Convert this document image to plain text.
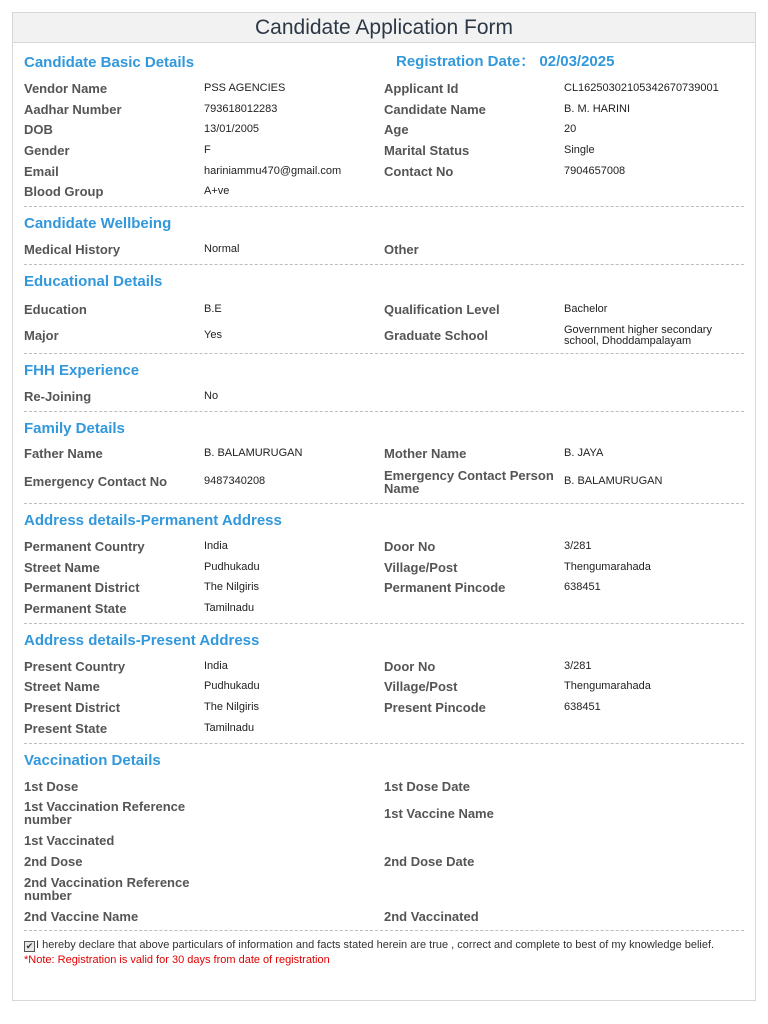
Candidate Application Form
Candidate Basic Details	Registration Date： 02/03/2025
Vendor Name	PSS AGENCIES	Applicant Id	CL16250302105342670739001
Aadhar Number	793618012283	Candidate Name	B. M. HARINI
DOB	13/01/2005	Age	20
Gender	F	Marital Status	Single
Email	hariniammu470@gmail.com	Contact No	7904657008
Blood Group	A+ve
Candidate Wellbeing
Medical History	Normal	Other
Educational Details
Education	B.E	Qualification Level	Bachelor
Major	Yes	Graduate School	Government higher secondary school, Dhoddampalayam
FHH Experience
Re-Joining	No
Family Details
Father Name	B. BALAMURUGAN	Mother Name	B. JAYA
Emergency Contact No	9487340208	Emergency Contact Person Name	B. BALAMURUGAN
Address details-Permanent Address
Permanent Country	India	Door No	3/281
Street Name	Pudhukadu	Village/Post	Thengumarahada
Permanent District	The Nilgiris	Permanent Pincode	638451
Permanent State	Tamilnadu
Address details-Present Address
Present Country	India	Door No	3/281
Street Name	Pudhukadu	Village/Post	Thengumarahada
Present District	The Nilgiris	Present Pincode	638451
Present State	Tamilnadu
Vaccination Details
1st Dose	1st Dose Date
1st Vaccination Reference number	1st Vaccine Name
1st Vaccinated
2nd Dose	2nd Dose Date
2nd Vaccination Reference number
2nd Vaccine Name	2nd Vaccinated
✔ I hereby declare that above particulars of information and facts stated herein are true , correct and complete to best of my knowledge belief.
*Note: Registration is valid for 30 days from date of registration
